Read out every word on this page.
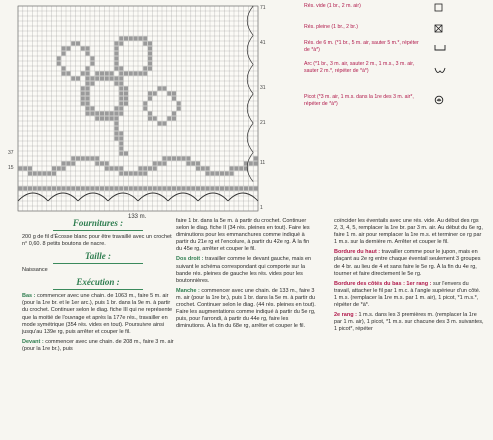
71
41
31
21
11
1
37
15
133 m.
Rés. vide (1 br., 2 m. air)
Rés. pleine (1 br., 2 br.)
Rés. de 6 m. (*1 br., 5 m. air, sauter 5 m.*, répéter de *à*)
Arc (*1 br., 3 m. air, sauter 2 m., 1 m.s., 3 m. air, sauter 2 m.*, répéter de *à*)
Picot (*3 m. air, 1 m.s. dans la 1re des 3 m. air*, répéter de *à*)
Fournitures :

200 g de fil d'Écosse blanc pour être travaillé avec un crochet n° 0,60. 8 petits boutons de nacre.

Taille :

Naissance

Exécution :

Bas : commencer avec une chain. de 1063 m., faire 5 m. air (pour la 1re br. et le 1er arc.), puis 1 br. dans la 9e m. à partir du crochet. Continuer selon le diag. fiche III qui ne représente que la moitié de l'ouvrage et après la 177e rés., travailler en mode symétrique (354 rés. vides en tout). Poursuivre ainsi jusqu'au 139e rg, puis arrêter et couper le fil.

Devant : commencer avec une chain. de 208 m., faire 3 m. air (pour la 1re br.), puis

faire 1 br. dans la 5e m. à partir du crochet. Continuer selon le diag. fiche II (34 rés. pleines en tout). Faire les diminutions pour les emmanchures comme indiqué à partir du 21e rg et l'encolure, à partir du 42e rg. À la fin du 45e rg, arrêter et couper le fil.

Dos droit : travailler comme le devant gauche, mais en suivant le schéma correspondant qui comporte sur la bande rés. pleines de gauche les rés. vides pour les boutonnières.

Manche : commencer avec une chain. de 133 m., faire 3 m. air (pour la 1re br.), puis 1 br. dans la 5e m. à partir du crochet. Continuer selon le diag. (44 rés. pleines en tout). Faire les augmentations comme indiqué à partir du 5e rg, puis, pour l'arrondi, à partir du 44e rg, faire les diminutions. À la fin du 68e rg, arrêter et couper le fil.

coïncider les éventails avec une rés. vide. Au début des rgs 2, 3, 4, 5, remplacer la 1re br. par 3 m. air. Au début du 6e rg, faire 1 m. air pour remplacer la 1re m.s. et terminer ce rg par 1 m.s. sur la dernière m. Arrêter et couper le fil.

Bordure du haut : travailler comme pour le jupon, mais en plaçant au 2e rg entre chaque éventail seulement 3 groupes de 4 br. au lieu de 4 et sans faire le 5e rg. À la fin du 4e rg, tourner et faire directement le 5e rg.

Bordure des côtés du bas : 1er rang : sur l'envers du travail, attacher le fil par 1 m.c. à l'angle supérieur d'un côté. 1 m.s. (remplacer la 1re m.s. par 1 m. air), 1 picot, *1 m.s.*, répéter de *à*.

2e rang : 1 m.s. dans les 3 premières m. (remplacer la 1re par 1 m. air), 1 picot, *1 m.s. sur chacune des 3 m. suivantes, 1 picot*, répéter
